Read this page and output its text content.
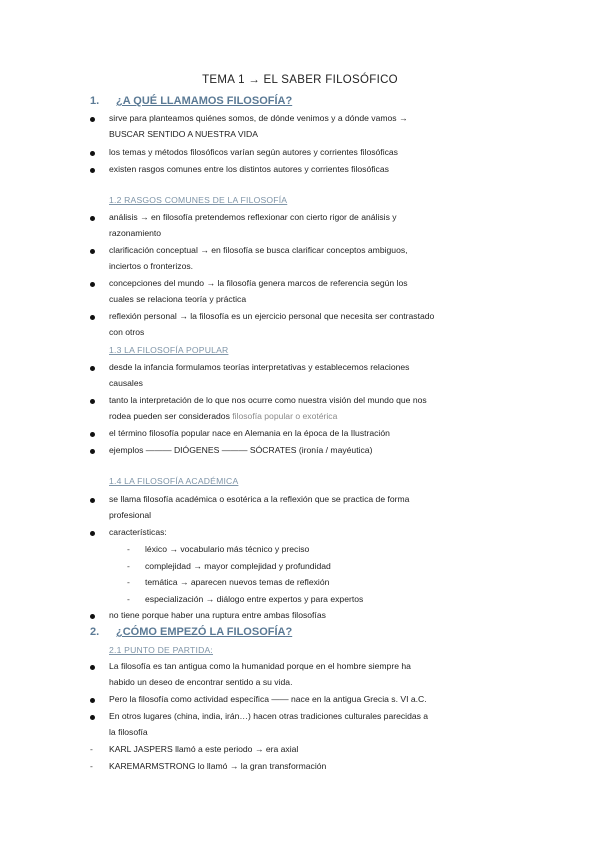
TEMA 1 → EL SABER FILOSÓFICO
1. ¿A QUÉ LLAMAMOS FILOSOFÍA?
sirve para planteamos quiénes somos, de dónde venimos y a dónde vamos →
BUSCAR SENTIDO A NUESTRA VIDA
los temas y métodos filosóficos varían según autores y corrientes filosóficas
existen rasgos comunes entre los distintos autores y corrientes filosóficas
1.2 RASGOS COMUNES DE LA FILOSOFÍA
análisis → en filosofía pretendemos reflexionar con cierto rigor de análisis y
razonamiento
clarificación conceptual → en filosofía se busca clarificar conceptos ambiguos,
inciertos o fronterizos.
concepciones del mundo → la filosofía genera marcos de referencia según los
cuales se relaciona teoría y práctica
reflexión personal → la filosofía es un ejercicio personal que necesita ser contrastado
con otros
1.3 LA FILOSOFÍA POPULAR
desde la infancia formulamos teorías interpretativas y establecemos relaciones
causales
tanto la interpretación de lo que nos ocurre como nuestra visión del mundo que nos
rodea pueden ser considerados filosofía popular o exotérica
el término filosofía popular nace en Alemania en la época de la Ilustración
ejemplos ——— DIÓGENES ——— SÓCRATES (ironía / mayéutica)
1.4 LA FILOSOFÍA ACADÉMICA
se llama filosofía académica o esotérica a la reflexión que se practica de forma
profesional
características:
- léxico → vocabulario más técnico y preciso
- complejidad → mayor complejidad y profundidad
- temática → aparecen nuevos temas de reflexión
- especialización → diálogo entre expertos y para expertos
no tiene porque haber una ruptura entre ambas filosofías
2. ¿CÓMO EMPEZÓ LA FILOSOFÍA?
2.1 PUNTO DE PARTIDA:
La filosofía es tan antigua como la humanidad porque en el hombre siempre ha
habido un deseo de encontrar sentido a su vida.
Pero la filosofía como actividad específica —— nace en la antigua Grecia s. VI a.C.
En otros lugares (china, india, irán…) hacen otras tradiciones culturales parecidas a
la filosofía
- KARL JASPERS llamó a este periodo → era axial
- KAREMARMSTRONG lo llamó → la gran transformación
